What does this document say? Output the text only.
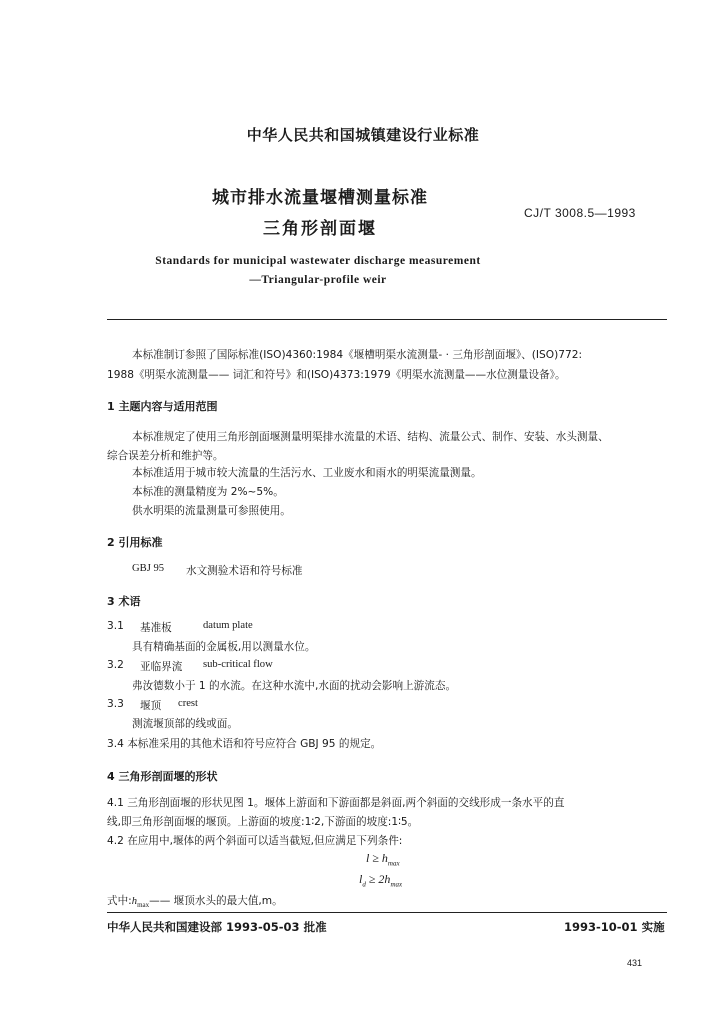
中华人民共和国城镇建设行业标准
城市排水流量堰槽测量标准
三角形剖面堰
CJ/T 3008.5—1993
Standards for municipal wastewater discharge measurement
—Triangular-profile weir
本标准制订参照了国际标准(ISO)4360:1984《堰槽明渠水流测量- · 三角形剖面堰》、(ISO)772:
1988《明渠水流测量—— 词汇和符号》和(ISO)4373:1979《明渠水流测量——水位测量设备》。
1 主题内容与适用范围
本标准规定了使用三角形剖面堰测量明渠排水流量的术语、结构、流量公式、制作、安装、水头测量、
综合误差分析和维护等。
本标准适用于城市较大流量的生活污水、工业废水和雨水的明渠流量测量。
本标准的测量精度为 2%~5%。
供水明渠的流量测量可参照使用。
2 引用标准
GBJ 95 水文测验术语和符号标准
3 术语
3.1 基准板	datum plate
具有精确基面的金属板,用以测量水位。
3.2 亚临界流 sub-critical flow
弗汝德数小于 1 的水流。在这种水流中,水面的扰动会影响上游流态。
3.3 堰顶 crest
测流堰顶部的线或面。
3.4 本标准采用的其他术语和符号应符合 GBJ 95 的规定。
4 三角形剖面堰的形状
4.1 三角形剖面堰的形状见图 1。堰体上游面和下游面都是斜面,两个斜面的交线形成一条水平的直
线,即三角形剖面堰的堰顶。上游面的坡度:1∶2,下游面的坡度:1∶5。
4.2 在应用中,堰体的两个斜面可以适当截短,但应满足下列条件:
$l \ge h_{max}$
$l_d \ge 2h_{max}$
式中$:h_{max}——$ 堰顶水头的最大值,m。
中华人民共和国建设部 1993-05-03 批准	1993-10-01 实施
431
